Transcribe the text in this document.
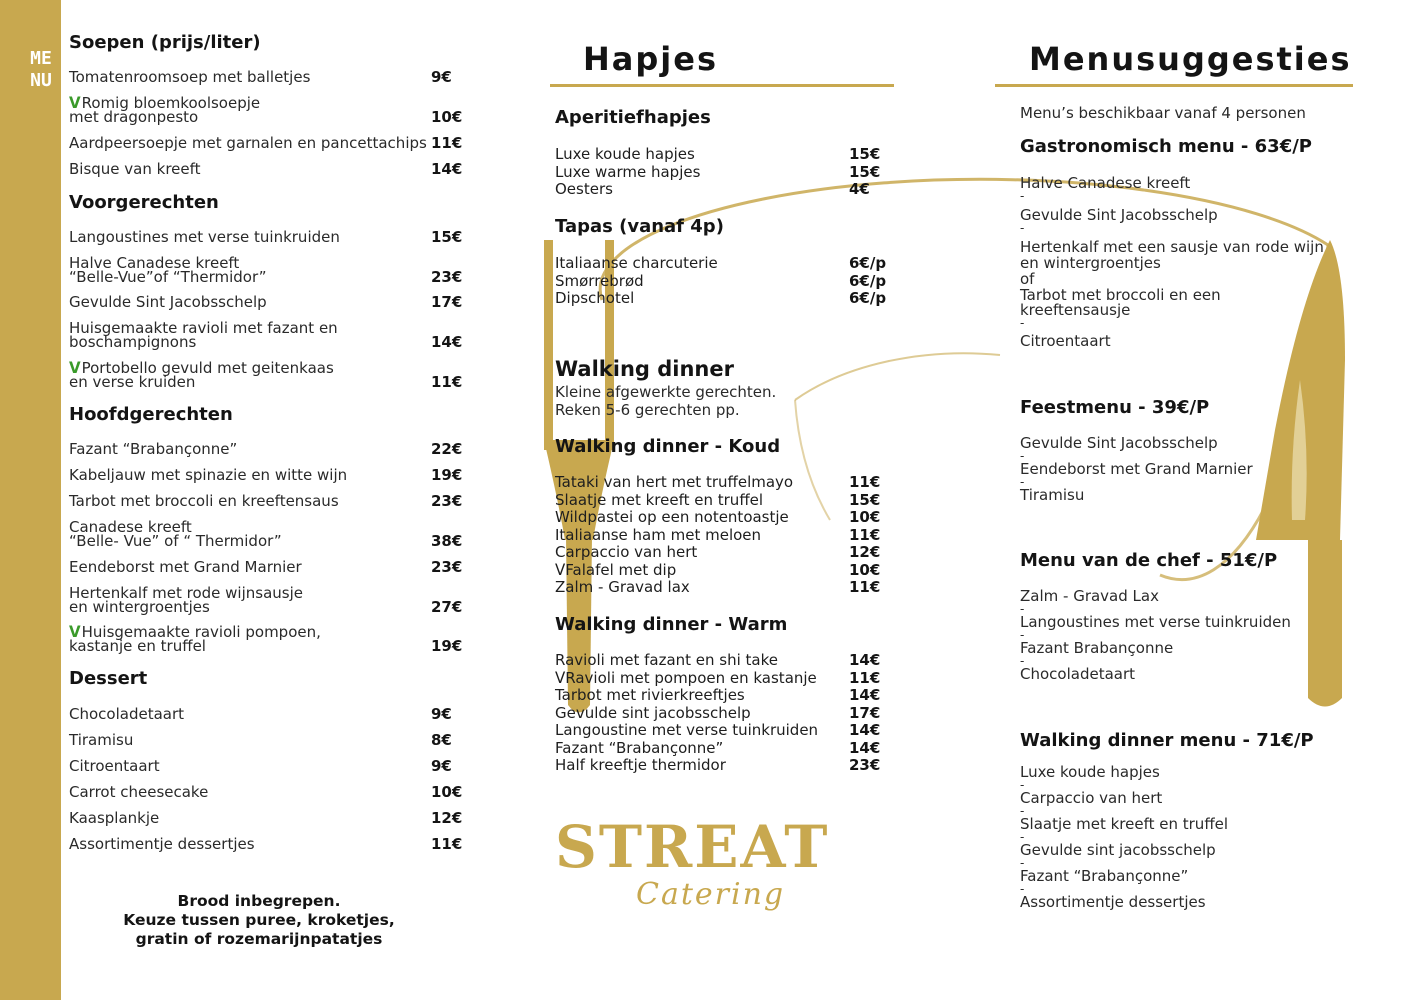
MENU
Soepen (prijs/liter)
Tomatenroomsoep met balletjes	9€
ᐯRomig bloemkoolsoepje
met dragonpesto	10€
Aardpeersoepje met garnalen en pancettachips 11€
Bisque van kreeft	14€
Voorgerechten
Langoustines met verse tuinkruiden	15€
Halve Canadese kreeft
“Belle-Vue”of “Thermidor”	23€
Gevulde Sint Jacobsschelp	17€
Huisgemaakte ravioli met fazant en
boschampignons	14€
ᐯPortobello gevuld met geitenkaas
en verse kruiden	11€
Hoofdgerechten
Fazant “Brabançonne”	22€
Kabeljauw met spinazie en witte wijn	19€
Tarbot met broccoli en kreeftensaus	23€
Canadese kreeft
“Belle- Vue” of “ Thermidor”	38€
Eendeborst met Grand Marnier	23€
Hertenkalf met rode wijnsausje
en wintergroentjes	27€
ᐯHuisgemaakte ravioli pompoen,
kastanje en truffel	19€
Dessert
Chocoladetaart	9€
Tiramisu	8€
Citroentaart	9€
Carrot cheesecake	10€
Kaasplankje	12€
Assortimentje dessertjes	11€
Brood inbegrepen.
Keuze tussen puree, kroketjes,
gratin of rozemarijnpatatjes
Hapjes
Aperitiefhapjes
Luxe koude hapjes	15€
Luxe warme hapjes	15€
Oesters	4€
Tapas (vanaf 4p)
Italiaanse charcuterie	6€/p
Smørrebrød	6€/p
Dipschotel	6€/p
Walking dinner
Kleine afgewerkte gerechten.
Reken 5-6 gerechten pp.
Walking dinner - Koud
Tataki van hert met truffelmayo	11€
Slaatje met kreeft en truffel	15€
Wildpastei op een notentoastje	10€
Italiaanse ham met meloen	11€
Carpaccio van hert	12€
ᐯFalafel met dip	10€
Zalm - Gravad lax	11€
Walking dinner - Warm
Ravioli met fazant en shi take	14€
ᐯRavioli met pompoen en kastanje 11€
Tarbot met rivierkreeftjes	14€
Gevulde sint jacobsschelp	17€
Langoustine met verse tuinkruiden 14€
Fazant “Brabançonne”	14€
Half kreeftje thermidor	23€
STREAT
Catering
Menusuggesties
Menu’s beschikbaar vanaf 4 personen
Gastronomisch menu - 63€/P
Halve Canadese kreeft
-
Gevulde Sint Jacobsschelp
-
Hertenkalf met een sausje van rode wijn
en wintergroentjes
of
Tarbot met broccoli en een
kreeftensausje
-
Citroentaart
Feestmenu - 39€/P
Gevulde Sint Jacobsschelp
-
Eendeborst met Grand Marnier
-
Tiramisu
Menu van de chef - 51€/P
Zalm - Gravad Lax
-
Langoustines met verse tuinkruiden
-
Fazant Brabançonne
-
Chocoladetaart
Walking dinner menu - 71€/P
Luxe koude hapjes
-
Carpaccio van hert
-
Slaatje met kreeft en truffel
-
Gevulde sint jacobsschelp
-
Fazant “Brabançonne”
-
Assortimentje dessertjes
